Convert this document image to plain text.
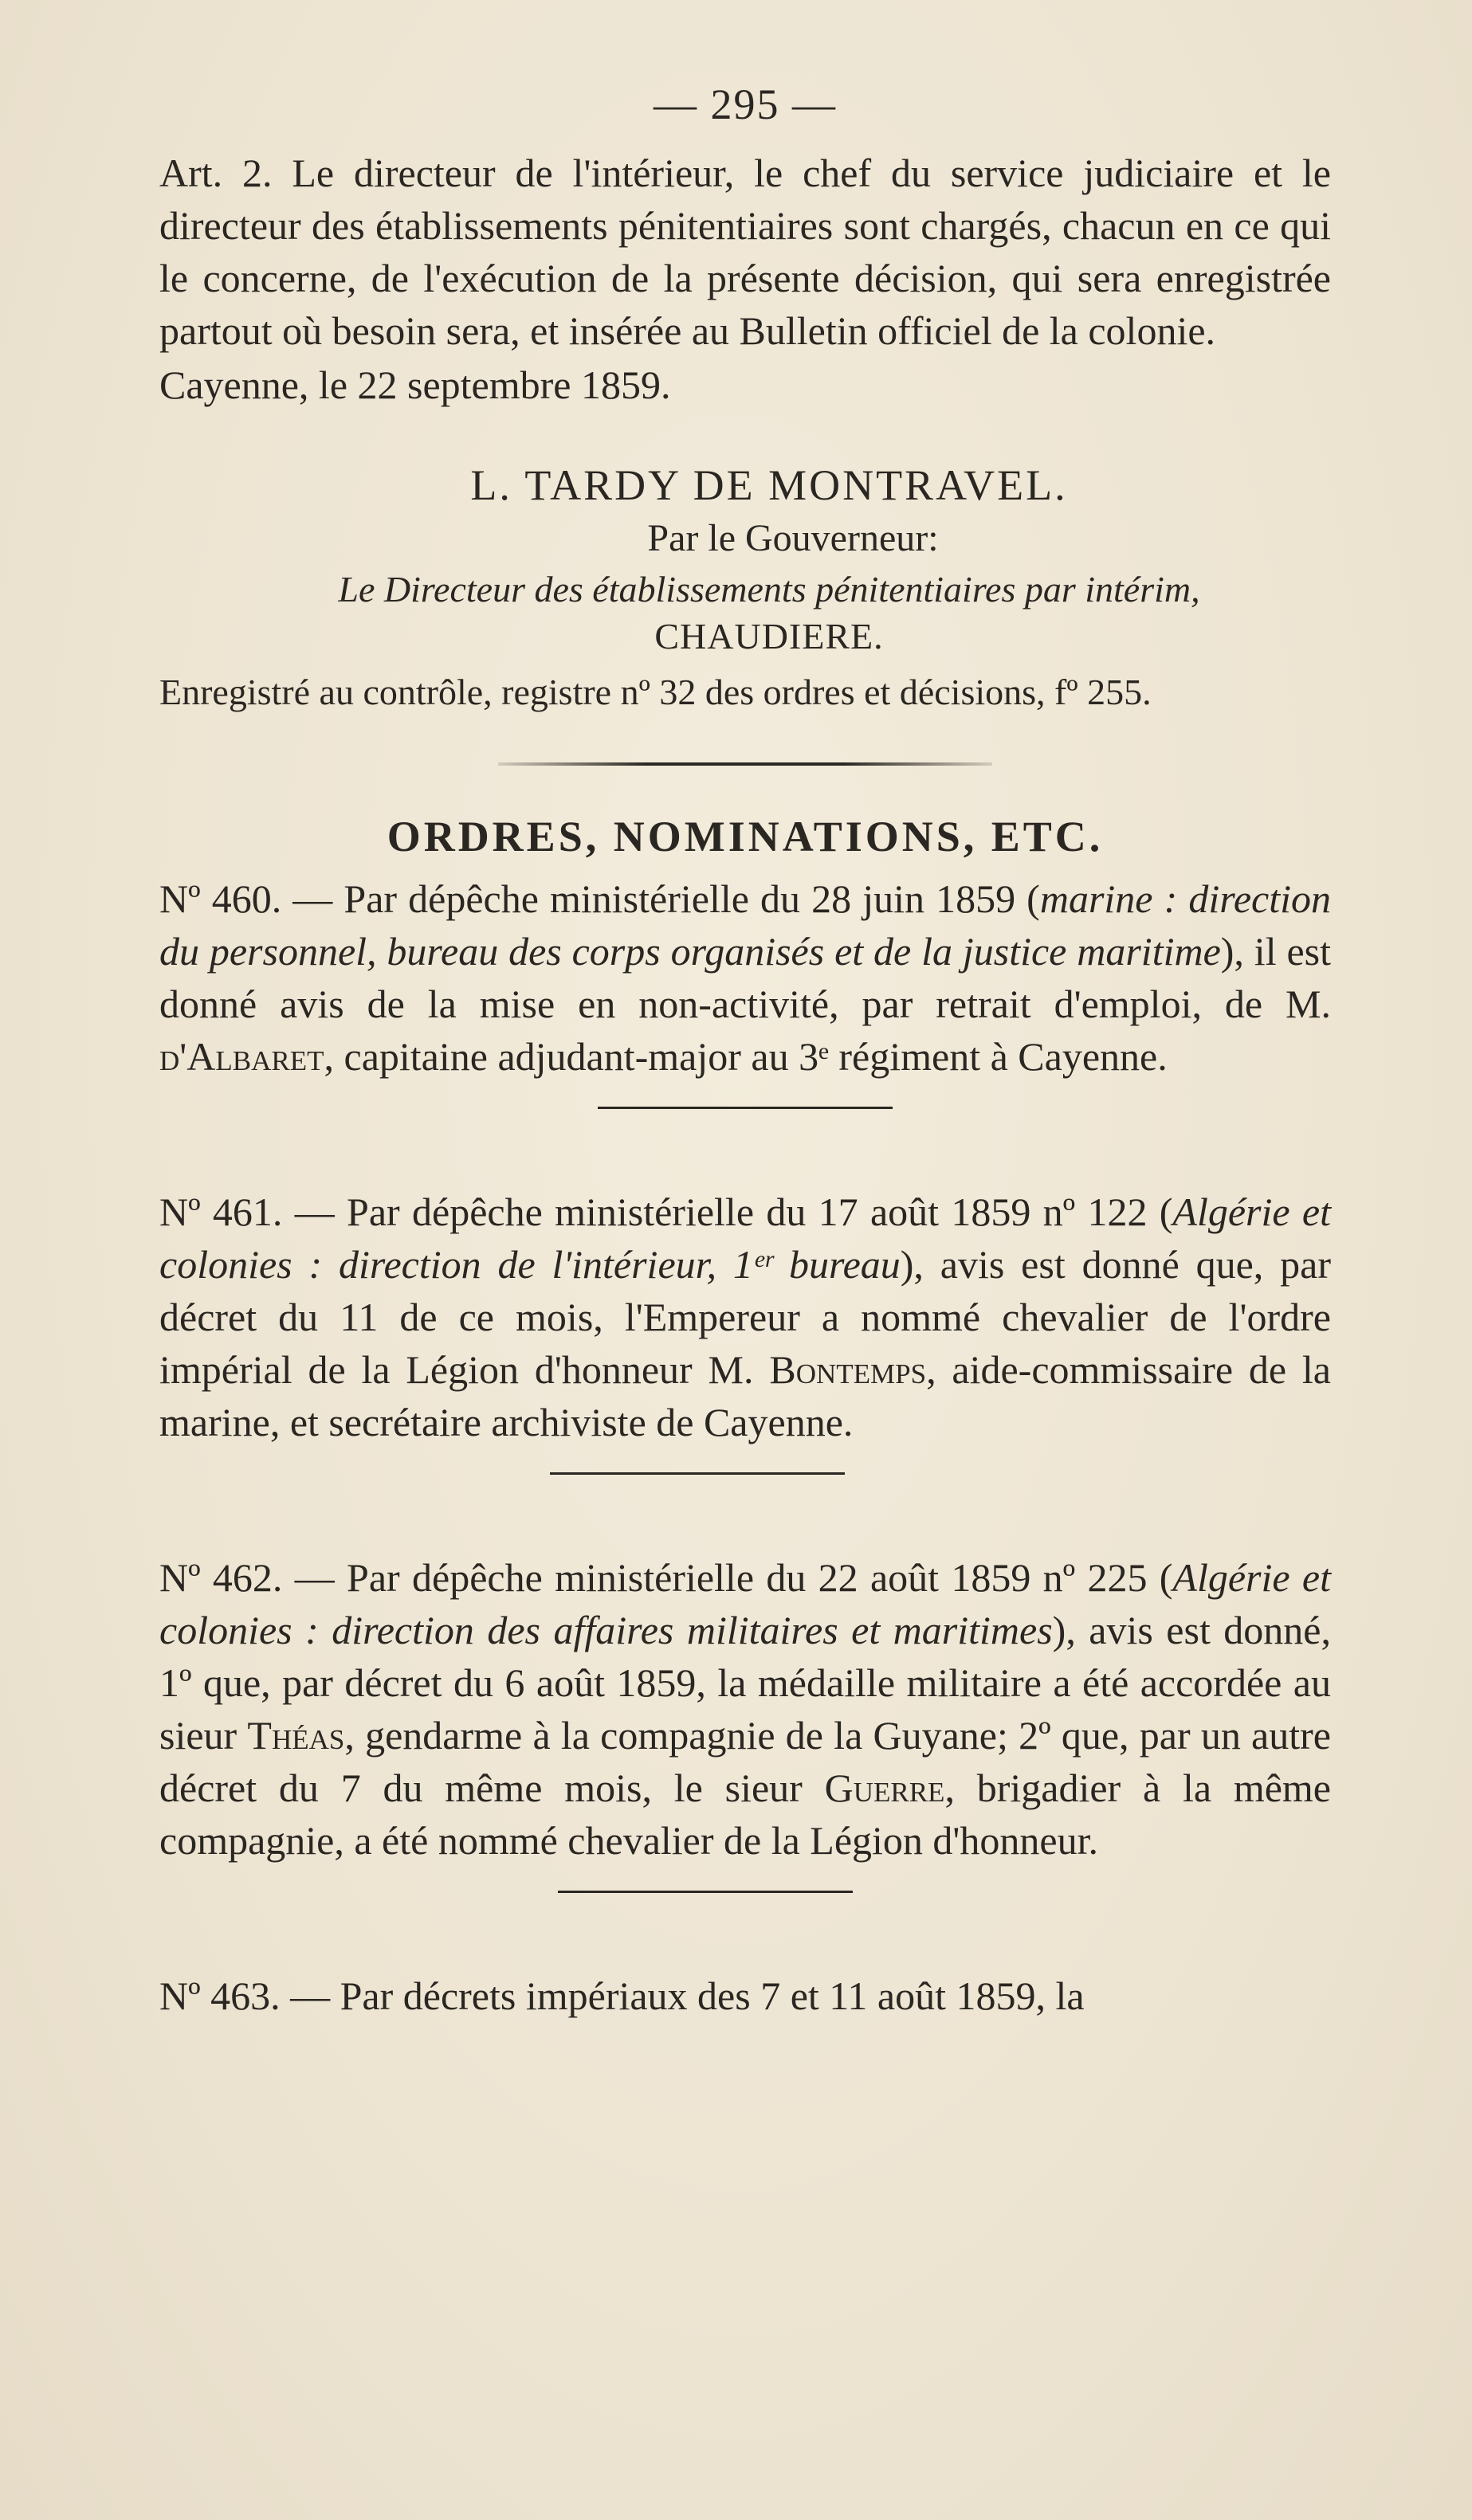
— 295 —

Art. 2. Le directeur de l'intérieur, le chef du service judiciaire et le directeur des établissements pénitentiaires sont chargés, chacun en ce qui le concerne, de l'exécution de la présente décision, qui sera enregistrée partout où besoin sera, et insérée au Bulletin officiel de la colonie.

Cayenne, le 22 septembre 1859.

L. TARDY DE MONTRAVEL.
Par le Gouverneur:
Le Directeur des établissements pénitentiaires par intérim,
CHAUDIERE.

Enregistré au contrôle, registre nº 32 des ordres et décisions, fº 255.

ORDRES, NOMINATIONS, ETC.

Nº 460. — Par dépêche ministérielle du 28 juin 1859 (marine : direction du personnel, bureau des corps organisés et de la justice maritime), il est donné avis de la mise en non-activité, par retrait d'emploi, de M. d'Albaret, capitaine adjudant-major au 3ᵉ régiment à Cayenne.

Nº 461. — Par dépêche ministérielle du 17 août 1859 nº 122 (Algérie et colonies : direction de l'intérieur, 1ᵉʳ bureau), avis est donné que, par décret du 11 de ce mois, l'Empereur a nommé chevalier de l'ordre impérial de la Légion d'honneur M. Bontemps, aide-commissaire de la marine, et secrétaire archiviste de Cayenne.

Nº 462. — Par dépêche ministérielle du 22 août 1859 nº 225 (Algérie et colonies : direction des affaires militaires et maritimes), avis est donné, 1º que, par décret du 6 août 1859, la médaille militaire a été accordée au sieur Théas, gendarme à la compagnie de la Guyane; 2º que, par un autre décret du 7 du même mois, le sieur Guerre, brigadier à la même compagnie, a été nommé chevalier de la Légion d'honneur.

Nº 463. — Par décrets impériaux des 7 et 11 août 1859, la
